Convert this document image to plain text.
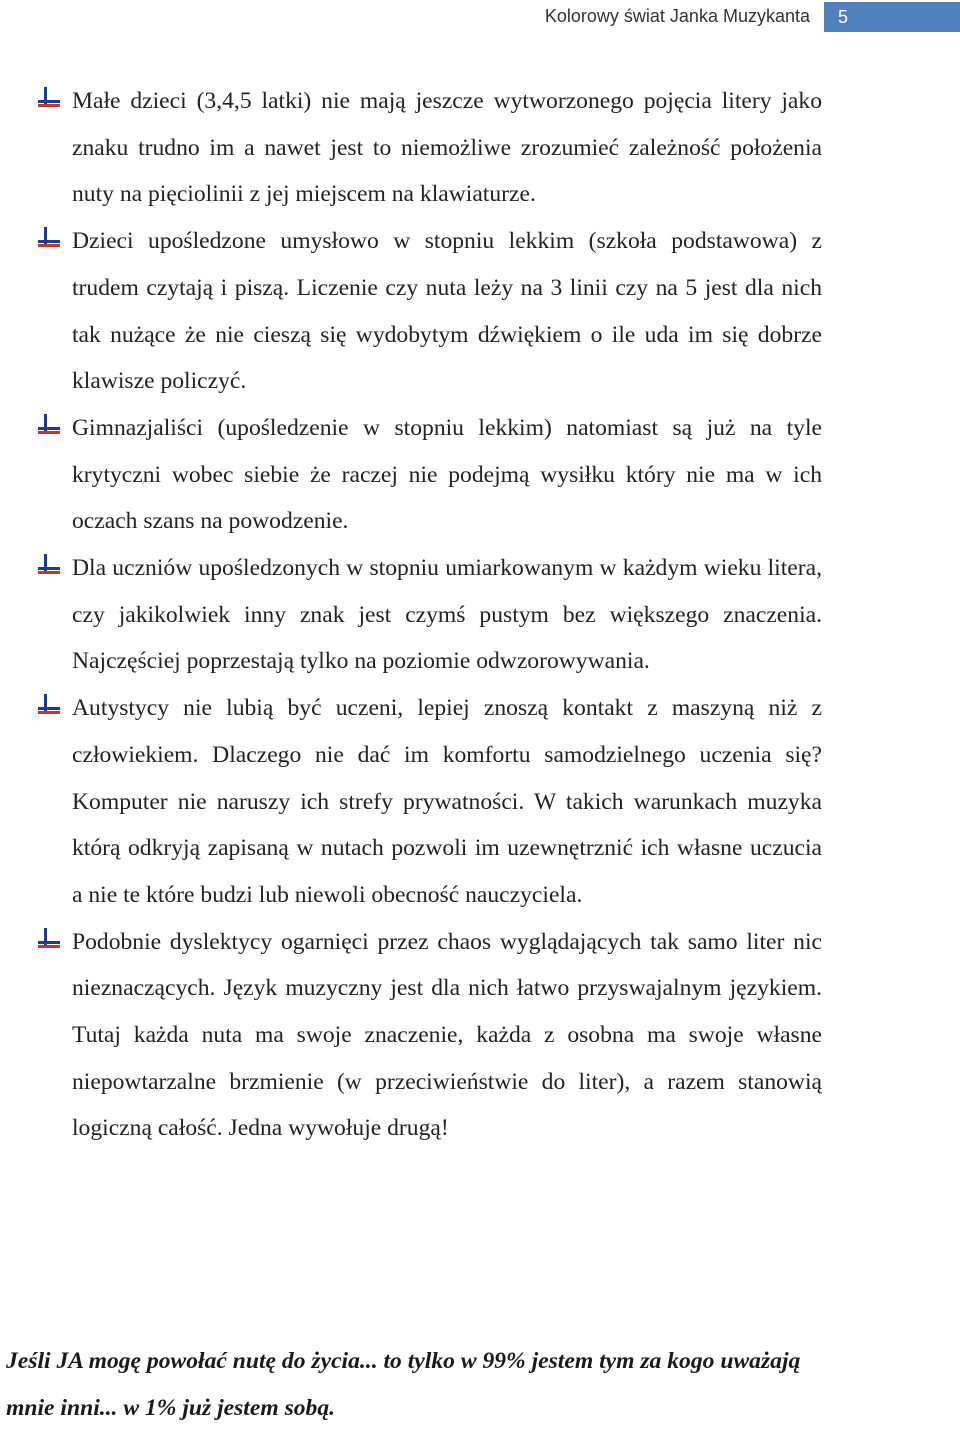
Kolorowy świat Janka Muzykanta	5
Małe dzieci (3,4,5 latki) nie mają jeszcze wytworzonego pojęcia litery jako znaku trudno im a nawet jest to niemożliwe zrozumieć zależność położenia nuty na pięciolinii z jej miejscem na klawiaturze.
Dzieci upośledzone umysłowo w stopniu lekkim (szkoła podstawowa) z trudem czytają i piszą. Liczenie czy nuta leży na 3 linii czy na 5 jest dla nich tak nużące że nie cieszą się wydobytym dźwiękiem o ile uda im się dobrze klawisze policzyć.
Gimnazjaliści (upośledzenie w stopniu lekkim) natomiast są już na tyle krytyczni wobec siebie że raczej nie podejmą wysiłku który nie ma w ich oczach szans na powodzenie.
Dla uczniów upośledzonych w stopniu umiarkowanym w każdym wieku litera, czy jakikolwiek inny znak jest czymś pustym bez większego znaczenia. Najczęściej poprzestają tylko na poziomie odwzorowywania.
Autystycy nie lubią być uczeni, lepiej znoszą kontakt z maszyną niż z człowiekiem. Dlaczego nie dać im komfortu samodzielnego uczenia się? Komputer nie naruszy ich strefy prywatności. W takich warunkach muzyka którą odkryją zapisaną w nutach pozwoli im uzewnętrznić ich własne uczucia a nie te które budzi lub niewoli obecność nauczyciela.
Podobnie dyslektycy ogarnięci przez chaos wyglądających tak samo liter nic nieznaczących. Język muzyczny jest dla nich łatwo przyswajalnym językiem. Tutaj każda nuta ma swoje znaczenie, każda z osobna ma swoje własne niepowtarzalne brzmienie (w przeciwieństwie do liter), a razem stanowią logiczną całość. Jedna wywołuje drugą!
Jeśli JA mogę powołać nutę do życia... to tylko w 99% jestem tym za kogo uważają mnie inni... w 1% już jestem sobą.
